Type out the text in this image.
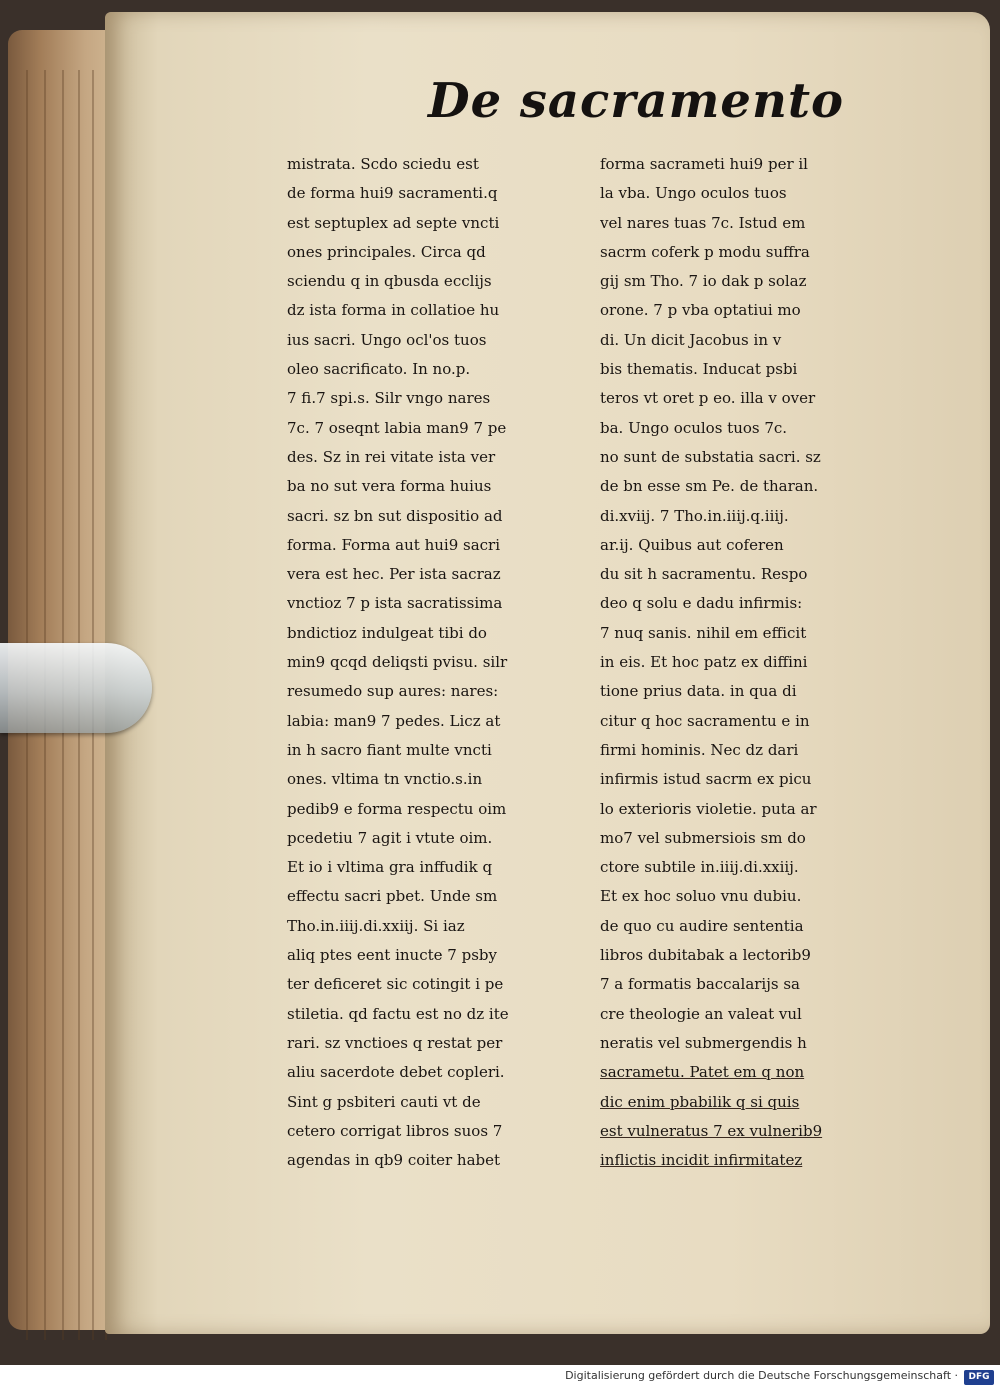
De sacramento
mistrata. Scdo sciedu est
de forma hui9 sacramenti.q
est septuplex ad septe vncti
ones principales. Circa qd
sciendu q in qbusda ecclijs
dz ista forma in collatioe hu
ius sacri. Ungo ocl'os tuos
oleo sacrificato. In no.p.
7 fi.7 spi.s. Silr vngo nares
7c. 7 oseqnt labia man9 7 pe
des. Sz in rei vitate ista ver
ba no sut vera forma huius
sacri. sz bn sut dispositio ad
forma. Forma aut hui9 sacri
vera est hec. Per ista sacraz
vnctioz 7 p ista sacratissima
bndictioz indulgeat tibi do
min9 qcqd deliqsti pvisu. silr
resumedo sup aures: nares:
labia: man9 7 pedes. Licz at
in h sacro fiant multe vncti
ones. vltima tn vnctio.s.in
pedib9 e forma respectu oim
pcedetiu 7 agit i vtute oim.
Et io i vltima gra inffudik q
effectu sacri pbet. Unde sm
Tho.in.iiij.di.xxiij. Si iaz
aliq ptes eent inucte 7 psby
ter deficeret sic cotingit i pe
stiletia. qd factu est no dz ite
rari. sz vnctioes q restat per
aliu sacerdote debet copleri.
Sint g psbiteri cauti vt de
cetero corrigat libros suos 7
agendas in qb9 coiter habet
forma sacrameti hui9 per il
la vba. Ungo oculos tuos
vel nares tuas 7c. Istud em
sacrm coferk p modu suffra
gij sm Tho. 7 io dak p solaz
orone. 7 p vba optatiui mo
di. Un dicit Jacobus in v
bis thematis. Inducat psbi
teros vt oret p eo. illa v over
ba. Ungo oculos tuos 7c.
no sunt de substatia sacri. sz
de bn esse sm Pe. de tharan.
di.xviij. 7 Tho.in.iiij.q.iiij.
ar.ij. Quibus aut coferen
du sit h sacramentu. Respo
deo q solu e dadu infirmis:
7 nuq sanis. nihil em efficit
in eis. Et hoc patz ex diffini
tione prius data. in qua di
citur q hoc sacramentu e in
firmi hominis. Nec dz dari
infirmis istud sacrm ex picu
lo exterioris violetie. puta ar
mo7 vel submersiois sm do
ctore subtile in.iiij.di.xxiij.
Et ex hoc soluo vnu dubiu.
de quo cu audire sententia
libros dubitabak a lectorib9
7 a formatis baccalarijs sa
cre theologie an valeat vul
neratis vel submergendis h
sacrametu. Patet em q non
dic enim pbabilik q si quis
est vulneratus 7 ex vulnerib9
inflictis incidit infirmitatez
Digitalisierung gefördert durch die Deutsche Forschungsgemeinschaft ·	DFG
